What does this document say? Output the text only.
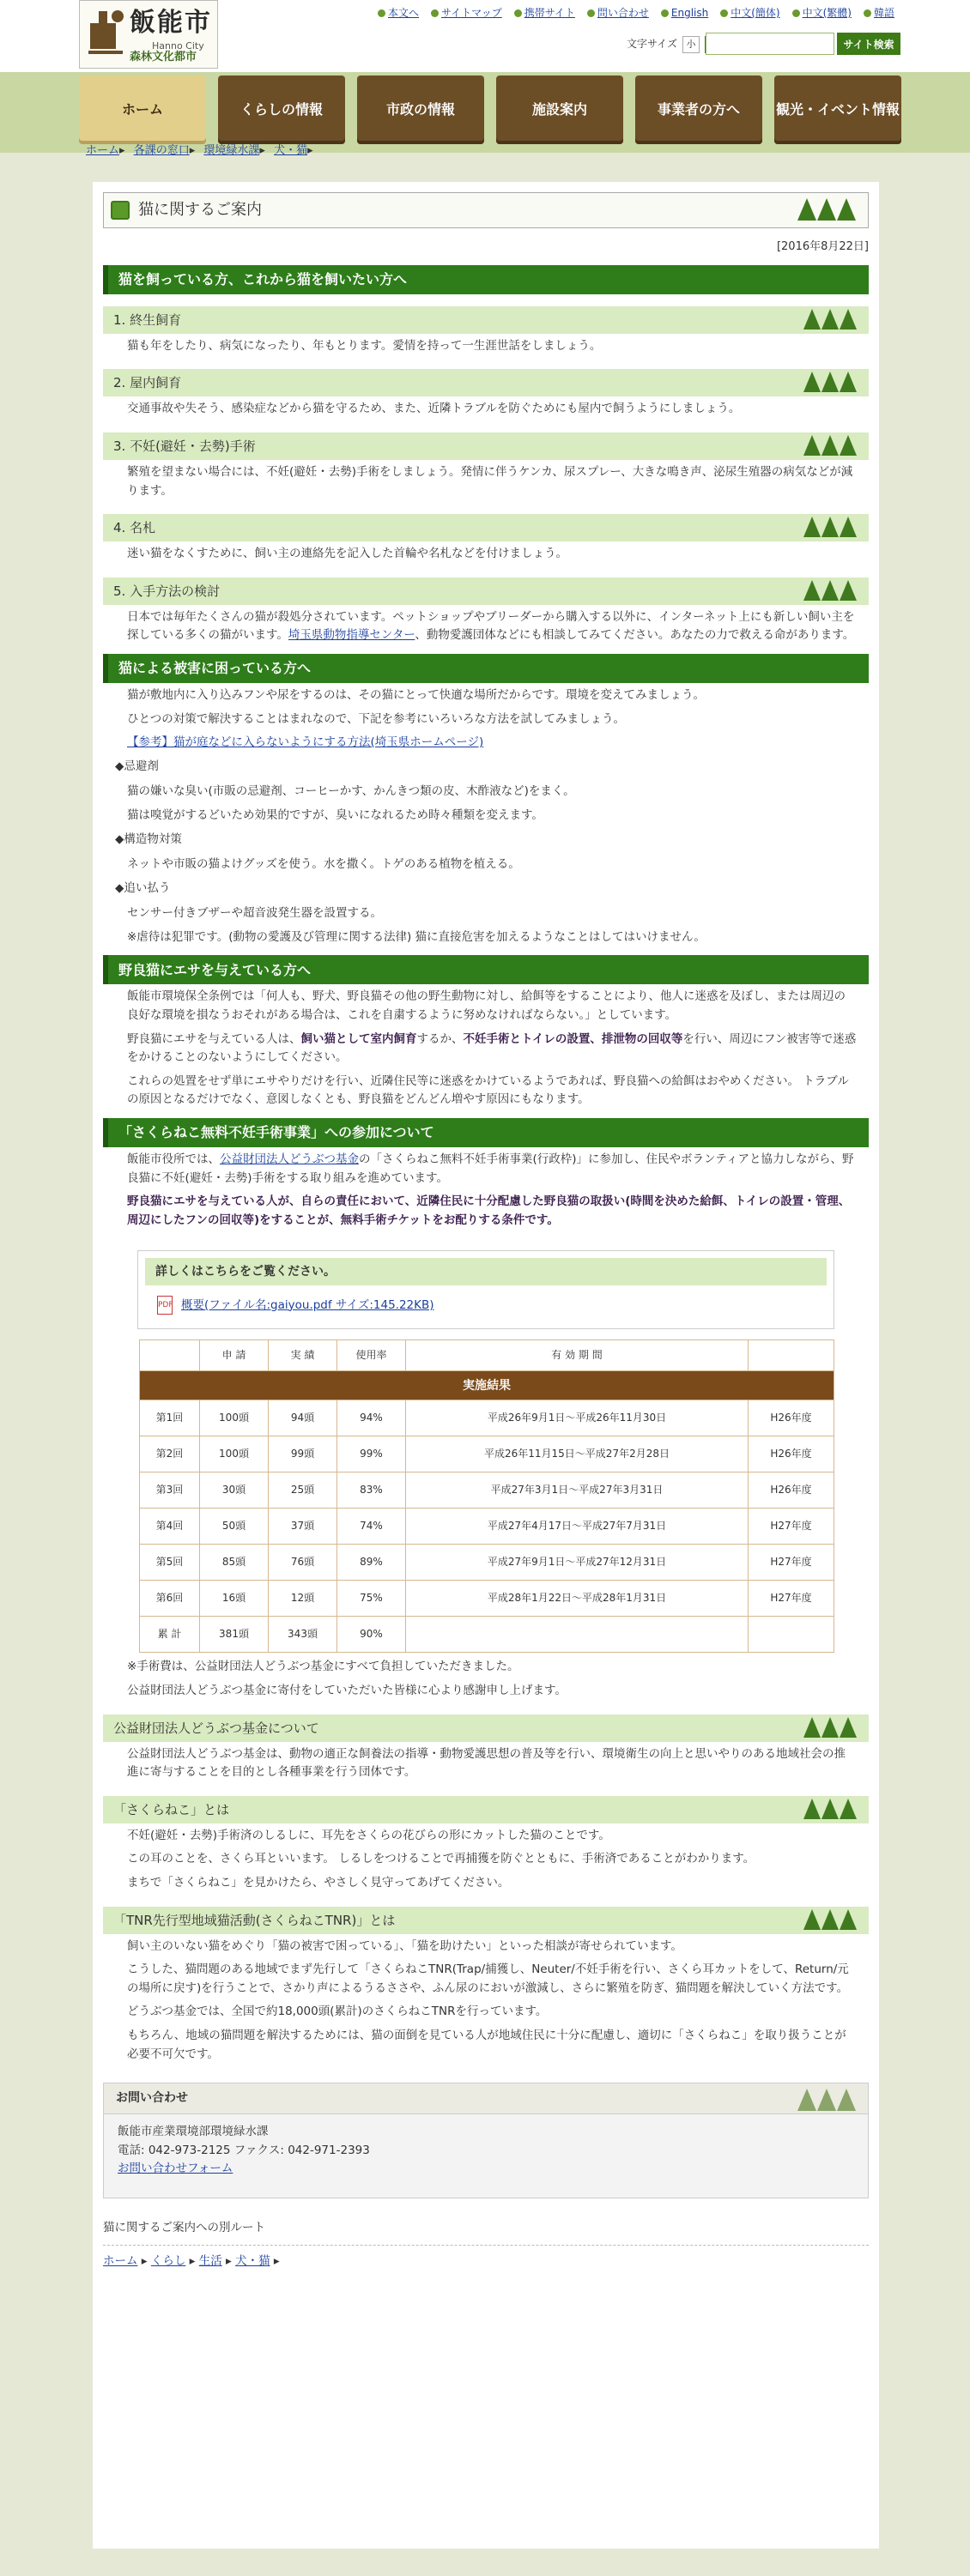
飯能市
Hanno City
森林文化都市
本文へ サイトマップ 携帯サイト 問い合わせ English 中文(簡体) 中文(繁體) 韓語
文字サイズ 小	サイト検索
ホーム	くらしの情報	市政の情報	施設案内	事業者の方へ	観光・イベント情報
ホーム▸ 各課の窓口▸ 環境緑水課▸ 犬・猫▸
猫に関するご案内
[2016年8月22日]
猫を飼っている方、これから猫を飼いたい方へ
1. 終生飼育

猫も年をしたり、病気になったり、年もとります。愛情を持って一生涯世話をしましょう。

2. 屋内飼育

交通事故や失そう、感染症などから猫を守るため、また、近隣トラブルを防ぐためにも屋内で飼うようにしましょう。

3. 不妊(避妊・去勢)手術

繁殖を望まない場合には、不妊(避妊・去勢)手術をしましょう。発情に伴うケンカ、尿スプレー、大きな鳴き声、泌尿生殖器の病気などが減ります。

4. 名札

迷い猫をなくすために、飼い主の連絡先を記入した首輪や名札などを付けましょう。

5. 入手方法の検討

日本では毎年たくさんの猫が殺処分されています。ペットショップやブリーダーから購入する以外に、インターネット上にも新しい飼い主を探している多くの猫がいます。埼玉県動物指導センター、動物愛護団体などにも相談してみてください。あなたの力で救える命があります。

猫による被害に困っている方へ

猫が敷地内に入り込みフンや尿をするのは、その猫にとって快適な場所だからです。環境を変えてみましょう。

ひとつの対策で解決することはまれなので、下記を参考にいろいろな方法を試してみましょう。

【参考】猫が庭などに入らないようにする方法(埼玉県ホームページ)

◆忌避剤

猫の嫌いな臭い(市販の忌避剤、コーヒーかす、かんきつ類の皮、木酢液など)をまく。

猫は嗅覚がするどいため効果的ですが、臭いになれるため時々種類を変えます。

◆構造物対策

ネットや市販の猫よけグッズを使う。水を撒く。トゲのある植物を植える。

◆追い払う

センサー付きブザーや超音波発生器を設置する。

※虐待は犯罪です。(動物の愛護及び管理に関する法律) 猫に直接危害を加えるようなことはしてはいけません。

野良猫にエサを与えている方へ

飯能市環境保全条例では「何人も、野犬、野良猫その他の野生動物に対し、給餌等をすることにより、他人に迷惑を及ぼし、または周辺の良好な環境を損なうおそれがある場合は、これを自粛するように努めなければならない。」としています。

野良猫にエサを与えている人は、飼い猫として室内飼育するか、不妊手術とトイレの設置、排泄物の回収等を行い、周辺にフン被害等で迷惑をかけることのないようにしてください。

これらの処置をせず単にエサやりだけを行い、近隣住民等に迷惑をかけているようであれば、野良猫への給餌はおやめください。 トラブルの原因となるだけでなく、意図しなくとも、野良猫をどんどん増やす原因にもなります。

「さくらねこ無料不妊手術事業」への参加について

飯能市役所では、公益財団法人どうぶつ基金の「さくらねこ無料不妊手術事業(行政枠)」に参加し、住民やボランティアと協力しながら、野良猫に不妊(避妊・去勢)手術をする取り組みを進めています。

野良猫にエサを与えている人が、自らの責任において、近隣住民に十分配慮した野良猫の取扱い(時間を決めた給餌、トイレの設置・管理、周辺にしたフンの回収等)をすることが、無料手術チケットをお配りする条件です。

詳しくはこちらをご覧ください。
PDF 概要(ファイル名:gaiyou.pdf サイズ:145.22KB)
実施結果					
	申 請	実 績	使用率	有 効 期 間	
第1回	100頭	94頭	94%	平成26年9月1日～平成26年11月30日	H26年度
第2回	100頭	99頭	99%	平成26年11月15日～平成27年2月28日	H26年度
第3回	30頭	25頭	83%	平成27年3月1日～平成27年3月31日	H26年度
第4回	50頭	37頭	74%	平成27年4月17日～平成27年7月31日	H27年度
第5回	85頭	76頭	89%	平成27年9月1日～平成27年12月31日	H27年度
第6回	16頭	12頭	75%	平成28年1月22日～平成28年1月31日	H27年度
累 計	381頭	343頭	90%		

※手術費は、公益財団法人どうぶつ基金にすべて負担していただきました。

公益財団法人どうぶつ基金に寄付をしていただいた皆様に心より感謝申し上げます。

公益財団法人どうぶつ基金について

公益財団法人どうぶつ基金は、動物の適正な飼養法の指導・動物愛護思想の普及等を行い、環境衛生の向上と思いやりのある地域社会の推進に寄与することを目的とし各種事業を行う団体です。

「さくらねこ」とは

不妊(避妊・去勢)手術済のしるしに、耳先をさくらの花びらの形にカットした猫のことです。

この耳のことを、さくら耳といいます。 しるしをつけることで再捕獲を防ぐとともに、手術済であることがわかります。

まちで「さくらねこ」を見かけたら、やさしく見守ってあげてください。

「TNR先行型地域猫活動(さくらねこTNR)」とは

飼い主のいない猫をめぐり「猫の被害で困っている」、「猫を助けたい」といった相談が寄せられています。

こうした、猫問題のある地域でまず先行して「さくらねこTNR(Trap/捕獲し、Neuter/不妊手術を行い、さくら耳カットをして、Return/元の場所に戻す)を行うことで、さかり声によるうるささや、ふん尿のにおいが激減し、さらに繁殖を防ぎ、猫問題を解決していく方法です。

どうぶつ基金では、全国で約18,000頭(累計)のさくらねこTNRを行っています。

もちろん、地域の猫問題を解決するためには、猫の面倒を見ている人が地域住民に十分に配慮し、適切に「さくらねこ」を取り扱うことが必要不可欠です。

お問い合わせ
飯能市産業環境部環境緑水課
電話: 042-973-2125 ファクス: 042-971-2393
お問い合わせフォーム
猫に関するご案内への別ルート
ホーム ▸ くらし ▸ 生活 ▸ 犬・猫 ▸
